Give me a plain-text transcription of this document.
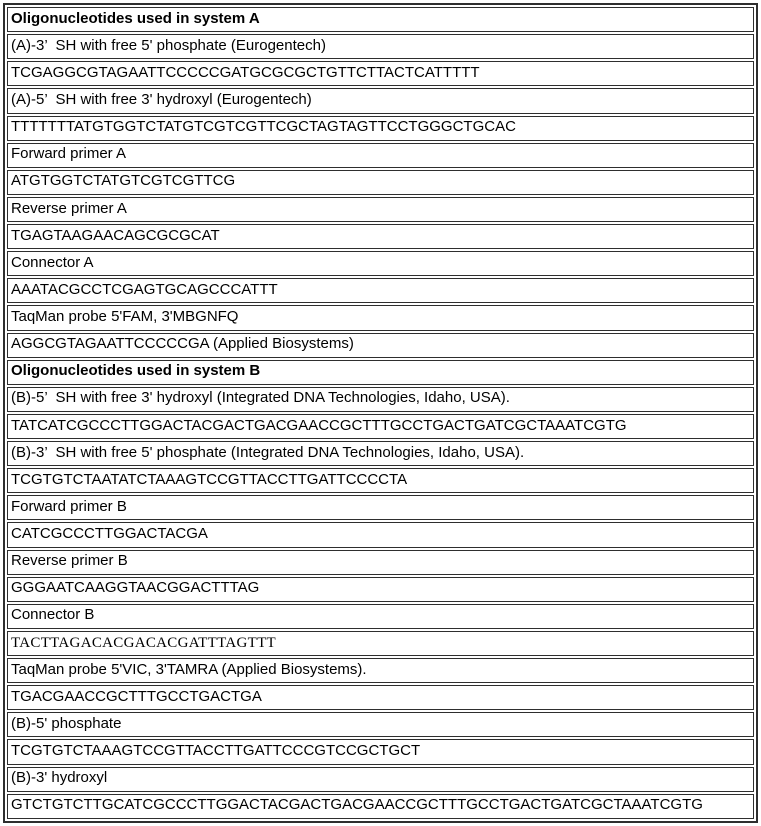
Oligonucleotides used in system A
(A)-3’  SH with free 5' phosphate (Eurogentech)
TCGAGGCGTAGAATTCCCCCGATGCGCGCTGTTCTTACTCATTTTT
(A)-5’  SH with free 3' hydroxyl (Eurogentech)
TTTTTTTATGTGGTCTATGTCGTCGTTCGCTAGTAGTTCCTGGGCTGCAC
Forward primer A
ATGTGGTCTATGTCGTCGTTCG
Reverse primer A
TGAGTAAGAACAGCGCGCAT
Connector A
AAATACGCCTCGAGTGCAGCCCATTT
TaqMan probe 5'FAM, 3'MBGNFQ
AGGCGTAGAATTCCCCCGA (Applied Biosystems)
Oligonucleotides used in system B
(B)-5’  SH with free 3' hydroxyl (Integrated DNA Technologies, Idaho, USA).
TATCATCGCCCTTGGACTACGACTGACGAACCGCTTTGCCTGACTGATCGCTAAATCGTG
(B)-3’  SH with free 5' phosphate (Integrated DNA Technologies, Idaho, USA).
TCGTGTCTAATATCTAAAGTCCGTTACCTTGATTCCCCTA
Forward primer B
CATCGCCCTTGGACTACGA
Reverse primer B
GGGAATCAAGGTAACGGACTTTAG
Connector B
TACTTAGACACGACACGATTTAGTTT
TaqMan probe 5'VIC, 3'TAMRA (Applied Biosystems).
TGACGAACCGCTTTGCCTGACTGA
(B)-5' phosphate
TCGTGTCTAAAGTCCGTTACCTTGATTCCCGTCCGCTGCT
(B)-3' hydroxyl
GTCTGTCTTGCATCGCCCTTGGACTACGACTGACGAACCGCTTTGCCTGACTGATCGCTAAATCGTG
